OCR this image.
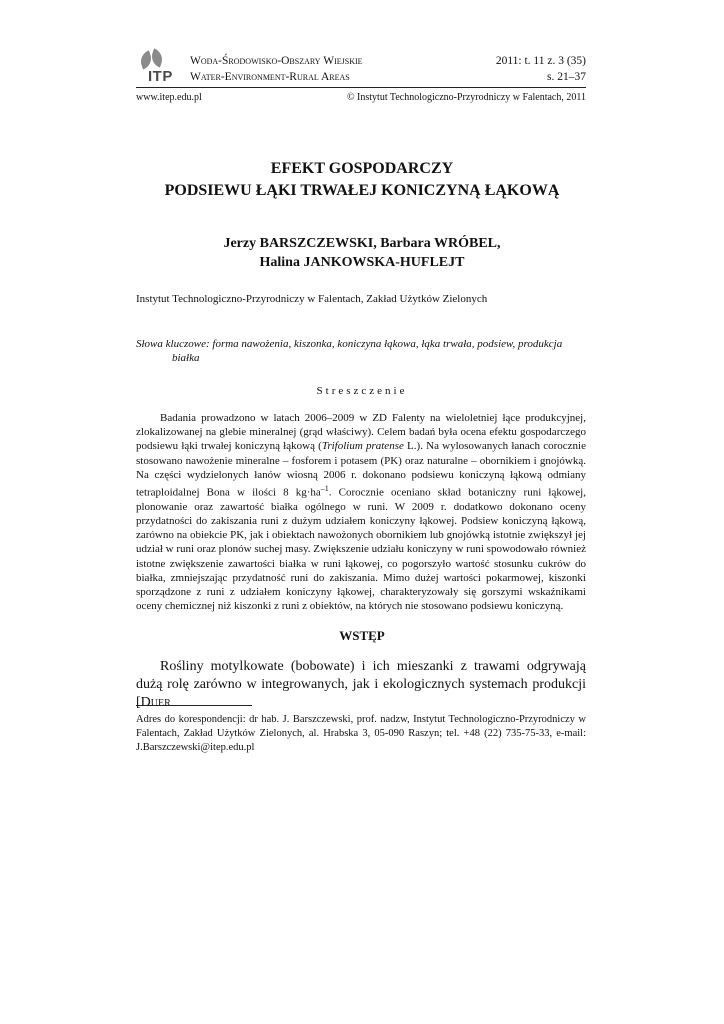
ITP
Woda-Środowisko-Obszary Wiejskie
Water-Environment-Rural Areas
2011: t. 11 z. 3 (35)
s. 21–37
www.itep.edu.pl	© Instytut Technologiczno-Przyrodniczy w Falentach, 2011
EFEKT GOSPODARCZY
PODSIEWU ŁĄKI TRWAŁEJ KONICZYNĄ ŁĄKOWĄ
Jerzy BARSZCZEWSKI, Barbara WRÓBEL,
Halina JANKOWSKA-HUFLEJT
Instytut Technologiczno-Przyrodniczy w Falentach, Zakład Użytków Zielonych
Słowa kluczowe: forma nawożenia, kiszonka, koniczyna łąkowa, łąka trwała, podsiew, produkcja
białka
Streszczenie

Badania prowadzono w latach 2006–2009 w ZD Falenty na wieloletniej łące produkcyjnej, zlokalizowanej na glebie mineralnej (grąd właściwy). Celem badań była ocena efektu gospodarczego podsiewu łąki trwałej koniczyną łąkową (Trifolium pratense L.). Na wylosowanych łanach corocznie stosowano nawożenie mineralne – fosforem i potasem (PK) oraz naturalne – obornikiem i gnojówką. Na części wydzielonych łanów wiosną 2006 r. dokonano podsiewu koniczyną łąkową odmiany tetraploidalnej Bona w ilości 8 $kg\cdot ha^{-1}$. Corocznie oceniano skład botaniczny runi łąkowej, plonowanie oraz zawartość białka ogólnego w runi. W 2009 r. dodatkowo dokonano oceny przydatności do zakiszania runi z dużym udziałem koniczyny łąkowej. Podsiew koniczyną łąkową, zarówno na obiekcie PK, jak i obiektach nawożonych obornikiem lub gnojówką istotnie zwiększył jej udział w runi oraz plonów suchej masy. Zwiększenie udziału koniczyny w runi spowodowało również istotne zwiększenie zawartości białka w runi łąkowej, co pogorszyło wartość stosunku cukrów do białka, zmniejszając przydatność runi do zakiszania. Mimo dużej wartości pokarmowej, kiszonki sporządzone z runi z udziałem koniczyny łąkowej, charakteryzowały się gorszymi wskaźnikami oceny chemicznej niż kiszonki z runi z obiektów, na których nie stosowano podsiewu koniczyną.

WSTĘP

Rośliny motylkowate (bobowate) i ich mieszanki z trawami odgrywają dużą rolę zarówno w integrowanych, jak i ekologicznych systemach produkcji [Duer

Adres do korespondencji: dr hab. J. Barszczewski, prof. nadzw, Instytut Technologiczno-Przyrodniczy w Falentach, Zakład Użytków Zielonych, al. Hrabska 3, 05-090 Raszyn; tel. +48 (22) 735-75-33, e-mail: J.Barszczewski@itep.edu.pl
